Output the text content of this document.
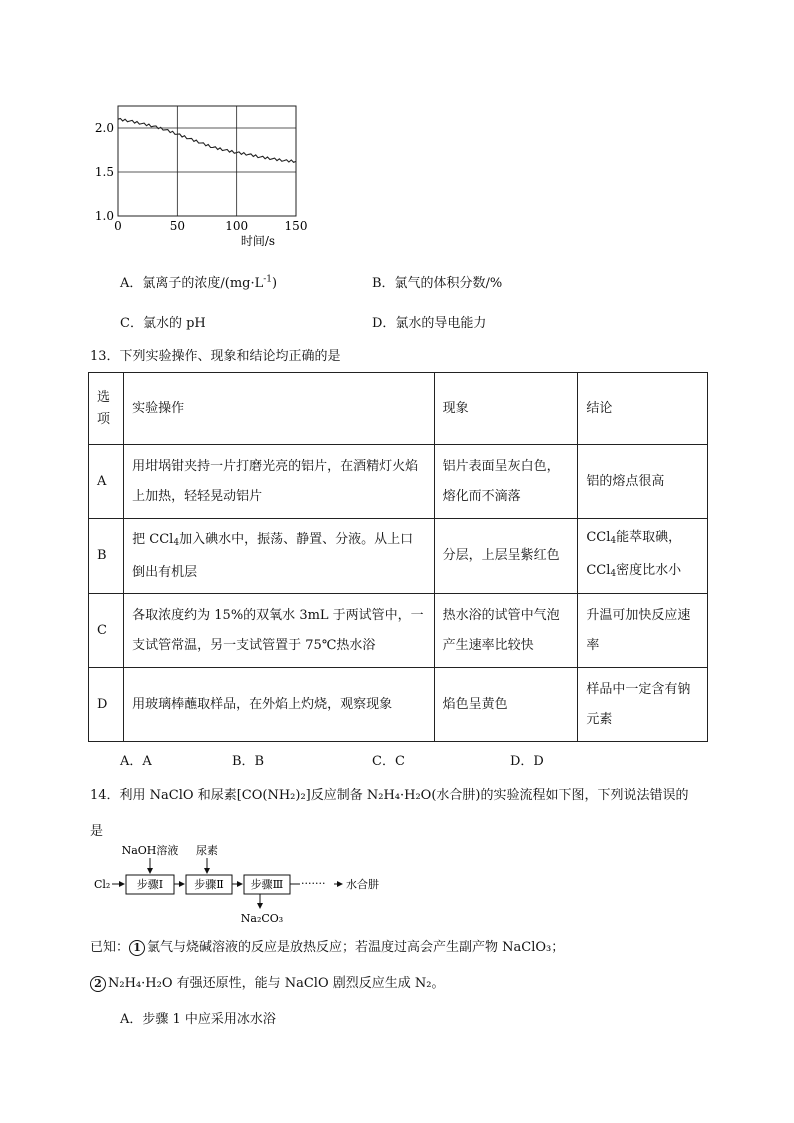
0	50	100	150
1.0
1.5
2.0
时间/s
A．氯离子的浓度$/(mg\cdot L^{-1})$	B．氯气的体积分数/%
C．氯水的 pH	D．氯水的导电能力
13．下列实验操作、现象和结论均正确的是
选
项	实验操作	现象	结论
A	用坩埚钳夹持一片打磨光亮的铝片，在酒精灯火焰上加热，轻轻晃动铝片	铝片表面呈灰白色，熔化而不滴落	铝的熔点很高
B	把 CCl$_4$加入碘水中，振荡、静置、分液。从上口倒出有机层	分层，上层呈紫红色	CCl$_4$能萃取碘，
CCl$_4$密度比水小
C	各取浓度约为 15%的双氧水 3mL 于两试管中，一支试管常温，另一支试管置于 75℃热水浴	热水浴的试管中气泡产生速率比较快	升温可加快反应速率
D	用玻璃棒蘸取样品，在外焰上灼烧，观察现象	焰色呈黄色	样品中一定含有钠元素
A．A	B．B	C．C	D．D
14．利用 NaClO 和尿素[CO(NH₂)₂]反应制备 N₂H₄·H₂O(水合肼)的实验流程如下图，下列说法错误的
是
NaOH溶液 尿素
Cl₂ 步骤Ⅰ	步骤Ⅱ 步骤Ⅲ ······· 水合肼
Na₂CO₃
已知： 1 氯气与烧碱溶液的反应是放热反应；若温度过高会产生副产物 NaClO₃；
2 N₂H₄·H₂O 有强还原性，能与 NaClO 剧烈反应生成 N₂。
A．步骤 1 中应采用冰水浴
